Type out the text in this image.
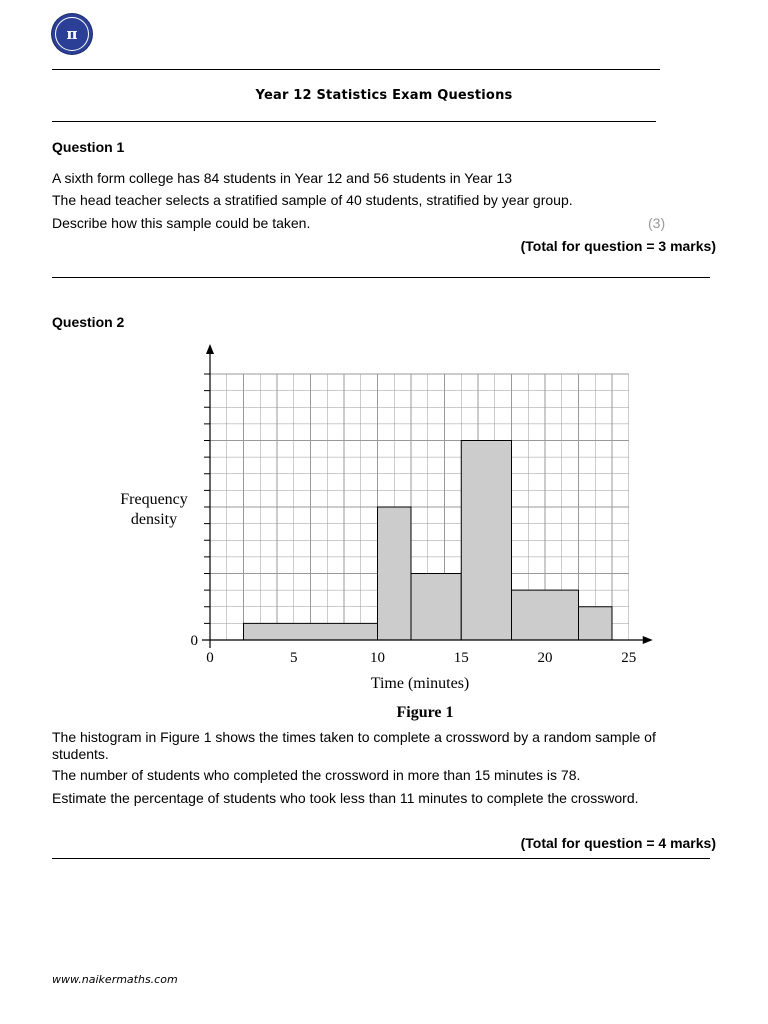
π
Year 12 Statistics Exam Questions
Question 1
A sixth form college has 84 students in Year 12 and 56 students in Year 13
The head teacher selects a stratified sample of 40 students, stratified by year group.
Describe how this sample could be taken.	(3)
(Total for question = 3 marks)
Question 2
0	5	10	15	20	25
0
Frequency
density
Time (minutes)
Figure 1
The histogram in Figure 1 shows the times taken to complete a crossword by a random sample of students.
The number of students who completed the crossword in more than 15 minutes is 78.
Estimate the percentage of students who took less than 11 minutes to complete the crossword.
(Total for question = 4 marks)
www.naikermaths.com
